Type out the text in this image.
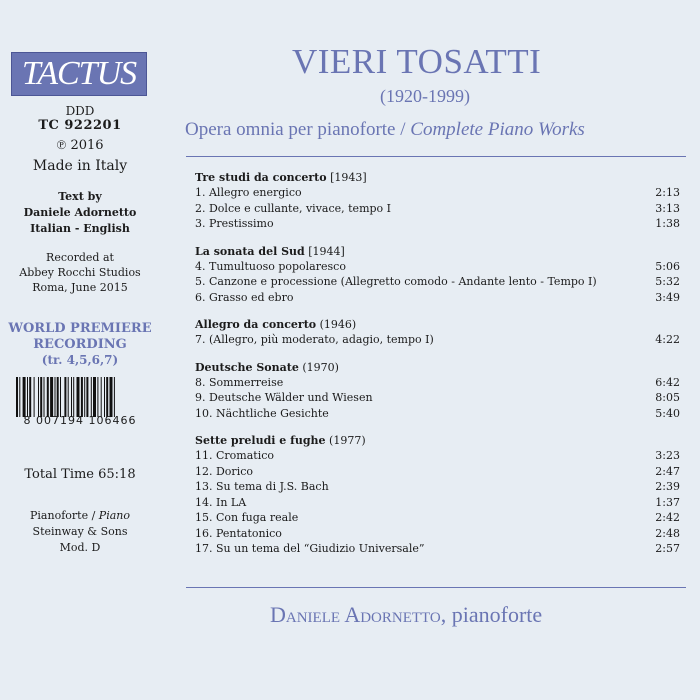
TACTUS
DDD
TC 922201
℗ 2016
Made in Italy
Text by
Daniele Adornetto
Italian - English
Recorded at
Abbey Rocchi Studios
Roma, June 2015
WORLD PREMIERE
RECORDING
(tr. 4,5,6,7)
8 007194 106466
Total Time 65:18
Pianoforte / Piano
Steinway & Sons
Mod. D
VIERI TOSATTI
(1920-1999)
Opera omnia per pianoforte / Complete Piano Works
Tre studi da concerto [1943]
1. Allegro energico	2:13
2. Dolce e cullante, vivace, tempo I	3:13
3. Prestissimo	1:38
La sonata del Sud [1944]
4. Tumultuoso popolaresco	5:06
5. Canzone e processione (Allegretto comodo - Andante lento - Tempo I)	5:32
6. Grasso ed ebro	3:49
Allegro da concerto (1946)
7. (Allegro, più moderato, adagio, tempo I)	4:22
Deutsche Sonate (1970)
8. Sommerreise	6:42
9. Deutsche Wälder und Wiesen	8:05
10. Nächtliche Gesichte	5:40
Sette preludi e fughe (1977)
11. Cromatico	3:23
12. Dorico	2:47
13. Su tema di J.S. Bach	2:39
14. In LA	1:37
15. Con fuga reale	2:42
16. Pentatonico	2:48
17. Su un tema del “Giudizio Universale”	2:57
Daniele Adornetto, pianoforte
